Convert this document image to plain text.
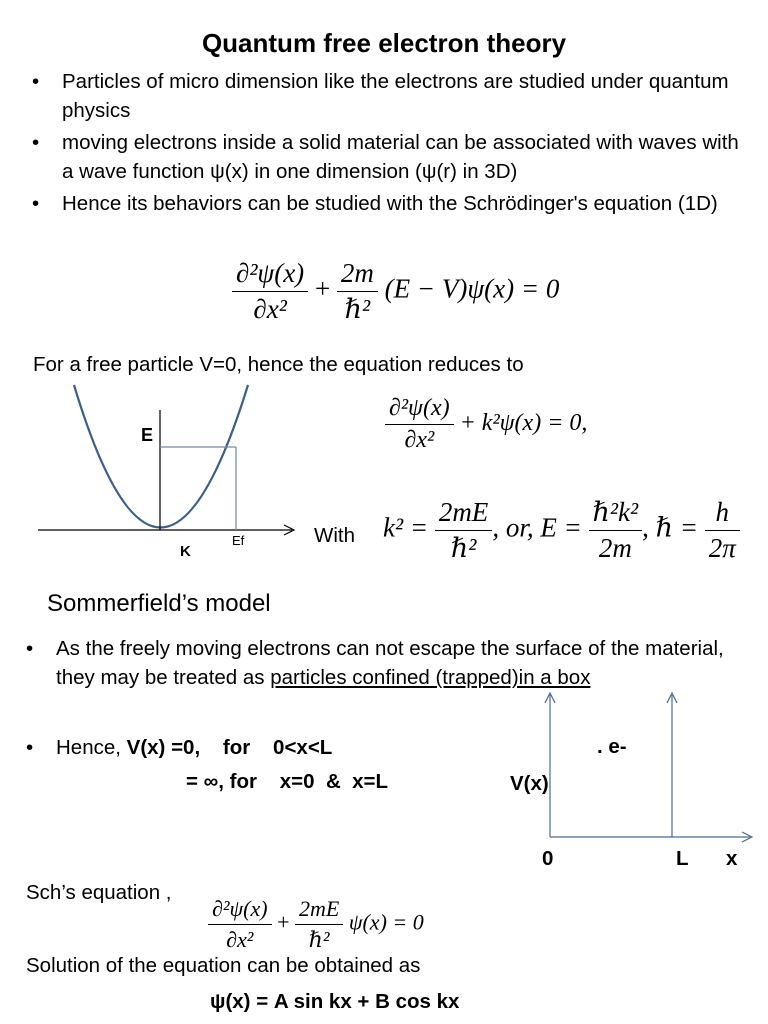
Quantum free electron theory
• Particles of micro dimension like the electrons are studied under quantum physics
• moving electrons inside a solid material can be associated with waves with a wave function ψ(x) in one dimension (ψ(r) in 3D)
• Hence its behaviors can be studied with the Schrödinger's equation (1D)
$\frac{\text{∂²ψ(x)}}{\text{∂x²}} + \frac{2m}{\text{ℏ²}} (E - V)\psi(x) = 0$
For a free particle V=0, hence the equation reduces to
$\frac{\text{∂²ψ(x)}}{\text{∂x²}} + k^2\psi(x) = 0$,
E
K
Ef	With $k^2 = \frac{2mE}{\text{ℏ²}}$ , or, $E = \frac{\text{ℏ²k²}}{2m}$ , ℏ = $\frac{h}{2\pi}$
Sommerfield’s model
• As the freely moving electrons can not escape the surface of the material, they may be treated as particles confined (trapped)in a box
• Hence, V(x) =0,    for    0<x<L
= ∞, for    x=0  &  x=L
. e-
V(x)
0	L x
Sch’s equation ,
$\frac{\text{∂²ψ(x)}}{\text{∂x²}} + \frac{2mE}{\text{ℏ²}} \psi(x) = 0$
Solution of the equation can be obtained as
ψ(x) = A sin kx + B cos kx
